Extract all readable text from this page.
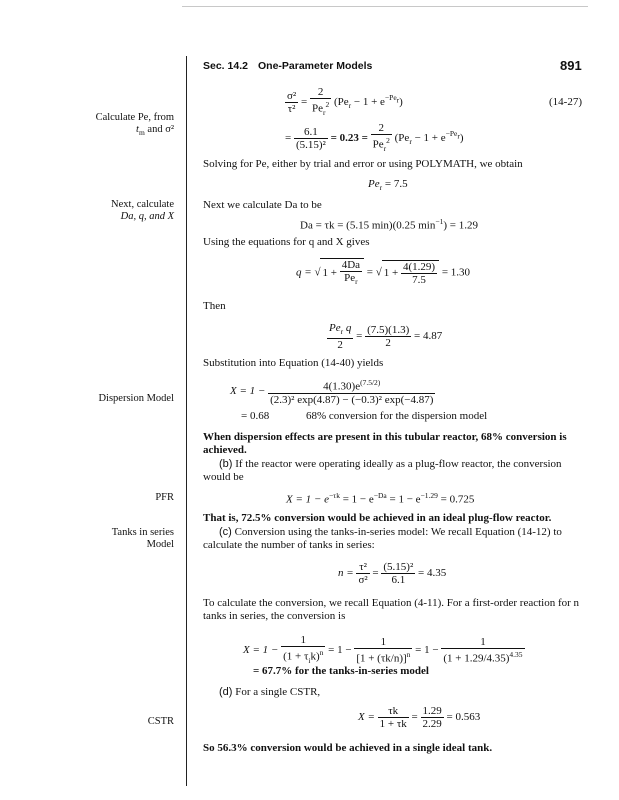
Sec. 14.2 One-Parameter Models	891
Calculate Pe, from
$t_m$ and σ²
Next, calculate
Da, q, and X
Dispersion Model
PFR
Tanks in series
Model
CSTR
$\frac{\text{σ²}}{\text{τ²}} = \frac{2}{Pe_r^2} (Pe_r - 1 + e^{-Pe_r})$	(14-27)
= $\frac{6.1}{\text{(5.15)²}} = 0.23 = \frac{2}{Pe_r^2} (Pe_r - 1 + e^{-Pe_r})$
Solving for Pe, either by trial and error or using POLYMATH, we obtain
$Pe_r = 7.5$
Next we calculate Da to be
Da = τk = (5.15 min)(0.25 $\min^{-1}) = 1.29$
Using the equations for q and X gives
q = √ $1 + \frac{4Da}{Pe_r}$ = √ $1 + \frac{4(1.29)}{7.5} = 1.30$
Then
$\frac{Pe_r q}{2} = \frac{(7.5)(1.3)}{2} = 4.87$
Substitution into Equation (14-40) yields
$X = 1 - \frac{4(1.30)e^{(7.5/2)}}{\text{(2.3)² exp(4.87) − (−0.3)² exp(−4.87)}}$
= 0.68	68% conversion for the dispersion model
When dispersion effects are present in this tubular reactor, 68% conversion is achieved.
(b) If the reactor were operating ideally as a plug-flow reactor, the conversion would be
$X = 1 - e^{-\tau k} = 1 - e^{-Da} = 1 - e^{-1.29} = 0.725$
That is, 72.5% conversion would be achieved in an ideal plug-flow reactor.
(c) Conversion using the tanks-in-series model: We recall Equation (14-12) to calculate the number of tanks in series:
$n = \frac{\text{τ²}}{\text{σ²}} = \frac{\text{(5.15)²}}{6.1} = 4.35$
To calculate the conversion, we recall Equation (4-11). For a first-order reaction for n tanks in series, the conversion is
$X = 1 - \frac{1}{(1 + \tau_ik)^n} = 1 - \frac{1}{[1 + (\tau k/n)]^n} = 1 - \frac{1}{(1 + 1.29/4.35)^{4.35}}$
= 67.7% for the tanks-in-series model
(d) For a single CSTR,
$X = \frac{\tau k}{1 + \tau k} = \frac{1.29}{2.29} = 0.563$
So 56.3% conversion would be achieved in a single ideal tank.
